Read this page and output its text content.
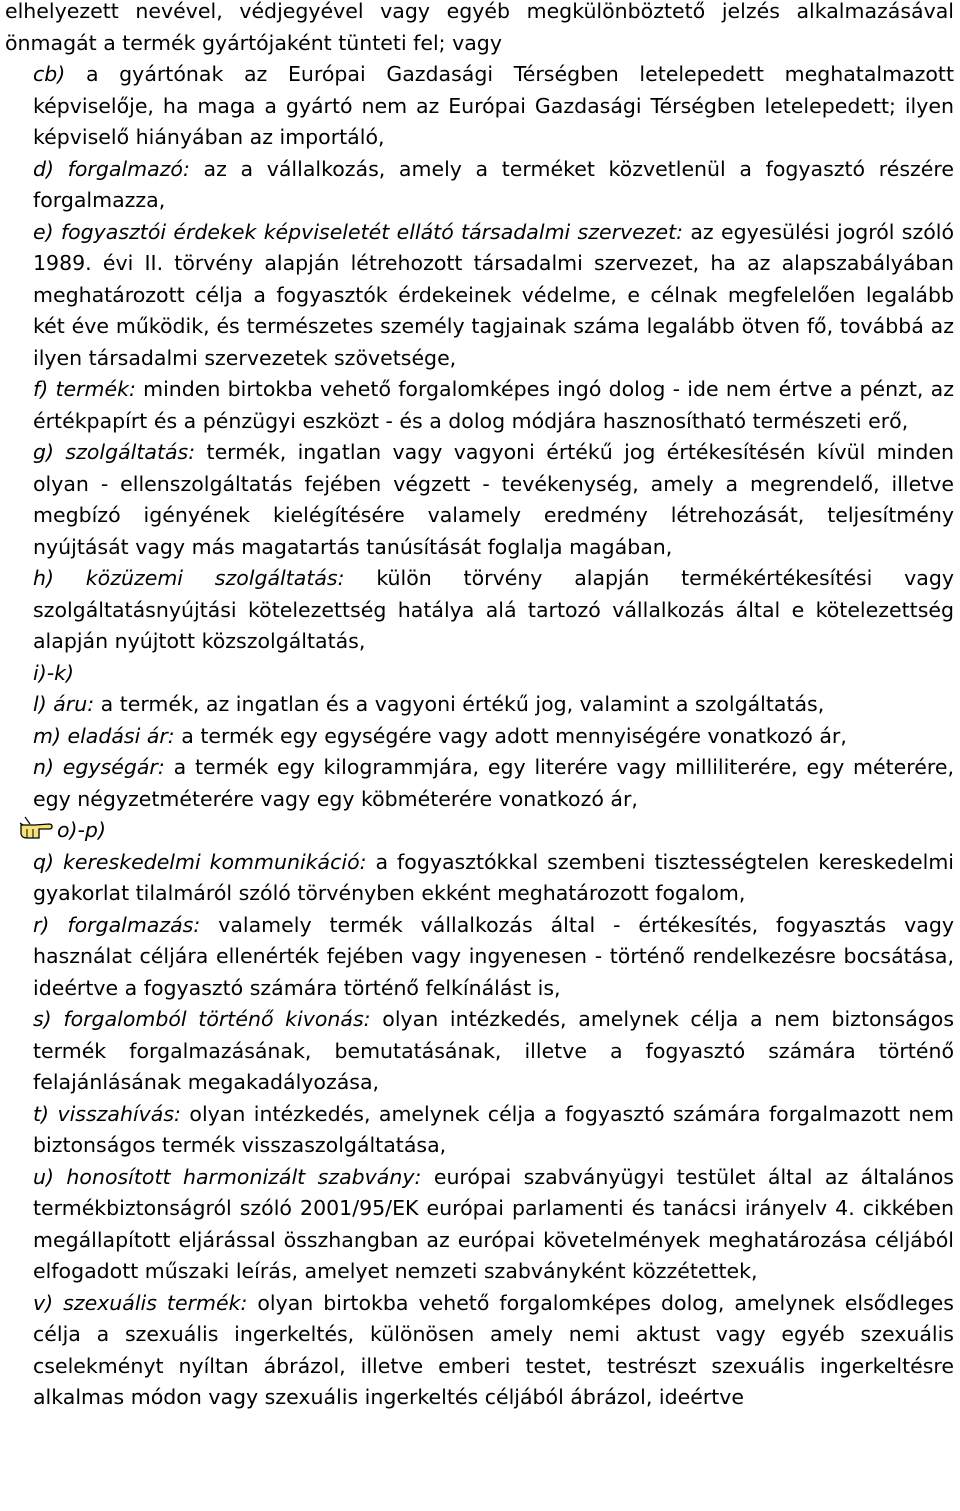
elhelyezett nevével, védjegyével vagy egyéb megkülönböztető jelzés alkalmazásával önmagát a termék gyártójaként tünteti fel; vagy

cb) a gyártónak az Európai Gazdasági Térségben letelepedett meghatalmazott képviselője, ha maga a gyártó nem az Európai Gazdasági Térségben letelepedett; ilyen képviselő hiányában az importáló,

d) forgalmazó: az a vállalkozás, amely a terméket közvetlenül a fogyasztó részére forgalmazza,

e) fogyasztói érdekek képviseletét ellátó társadalmi szervezet: az egyesülési jogról szóló 1989. évi II. törvény alapján létrehozott társadalmi szervezet, ha az alapszabályában meghatározott célja a fogyasztók érdekeinek védelme, e célnak megfelelően legalább két éve működik, és természetes személy tagjainak száma legalább ötven fő, továbbá az ilyen társadalmi szervezetek szövetsége,

f) termék: minden birtokba vehető forgalomképes ingó dolog - ide nem értve a pénzt, az értékpapírt és a pénzügyi eszközt - és a dolog módjára hasznosítható természeti erő,

g) szolgáltatás: termék, ingatlan vagy vagyoni értékű jog értékesítésén kívül minden olyan - ellenszolgáltatás fejében végzett - tevékenység, amely a megrendelő, illetve megbízó igényének kielégítésére valamely eredmény létrehozását, teljesítmény nyújtását vagy más magatartás tanúsítását foglalja magában,

h) közüzemi szolgáltatás: külön törvény alapján termékértékesítési vagy szolgáltatásnyújtási kötelezettség hatálya alá tartozó vállalkozás által e kötelezettség alapján nyújtott közszolgáltatás,

i)-k)

l) áru: a termék, az ingatlan és a vagyoni értékű jog, valamint a szolgáltatás,

m) eladási ár: a termék egy egységére vagy adott mennyiségére vonatkozó ár,

n) egységár: a termék egy kilogrammjára, egy literére vagy milliliterére, egy méterére, egy négyzetméterére vagy egy köbméterére vonatkozó ár,

o)-p)

q) kereskedelmi kommunikáció: a fogyasztókkal szembeni tisztességtelen kereskedelmi gyakorlat tilalmáról szóló törvényben ekként meghatározott fogalom,

r) forgalmazás: valamely termék vállalkozás által - értékesítés, fogyasztás vagy használat céljára ellenérték fejében vagy ingyenesen - történő rendelkezésre bocsátása, ideértve a fogyasztó számára történő felkínálást is,

s) forgalomból történő kivonás: olyan intézkedés, amelynek célja a nem biztonságos termék forgalmazásának, bemutatásának, illetve a fogyasztó számára történő felajánlásának megakadályozása,

t) visszahívás: olyan intézkedés, amelynek célja a fogyasztó számára forgalmazott nem biztonságos termék visszaszolgáltatása,

u) honosított harmonizált szabvány: európai szabványügyi testület által az általános termékbiztonságról szóló 2001/95/EK európai parlamenti és tanácsi irányelv 4. cikkében megállapított eljárással összhangban az európai követelmények meghatározása céljából elfogadott műszaki leírás, amelyet nemzeti szabványként közzétettek,

v) szexuális termék: olyan birtokba vehető forgalomképes dolog, amelynek elsődleges célja a szexuális ingerkeltés, különösen amely nemi aktust vagy egyéb szexuális cselekményt nyíltan ábrázol, illetve emberi testet, testrészt szexuális ingerkeltésre alkalmas módon vagy szexuális ingerkeltés céljából ábrázol, ideértve
